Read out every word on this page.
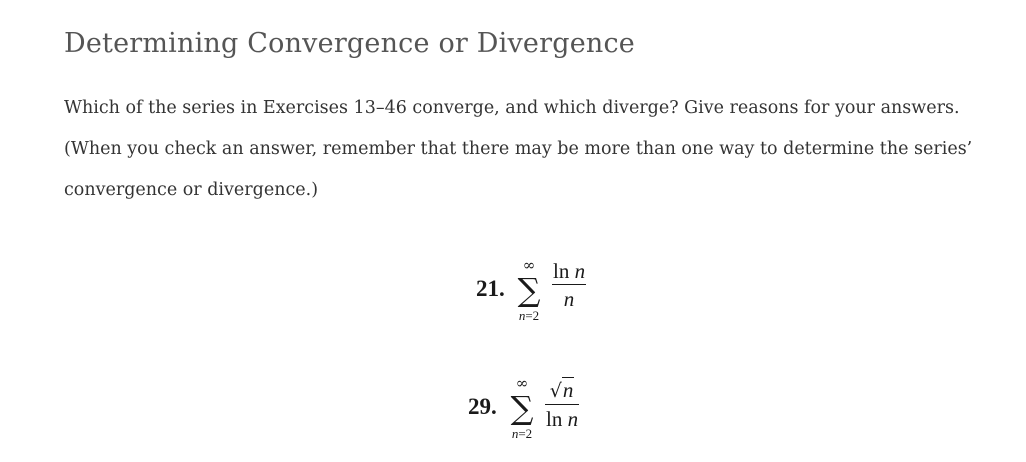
Determining Convergence or Divergence

Which of the series in Exercises 13–46 converge, and which diverge? Give reasons for your answers. (When you check an answer, remember that there may be more than one way to determine the series’ convergence or divergence.)

21.
∞
∑
n=2
ln n
n
29.
∞
∑
n=2
√n
ln n
